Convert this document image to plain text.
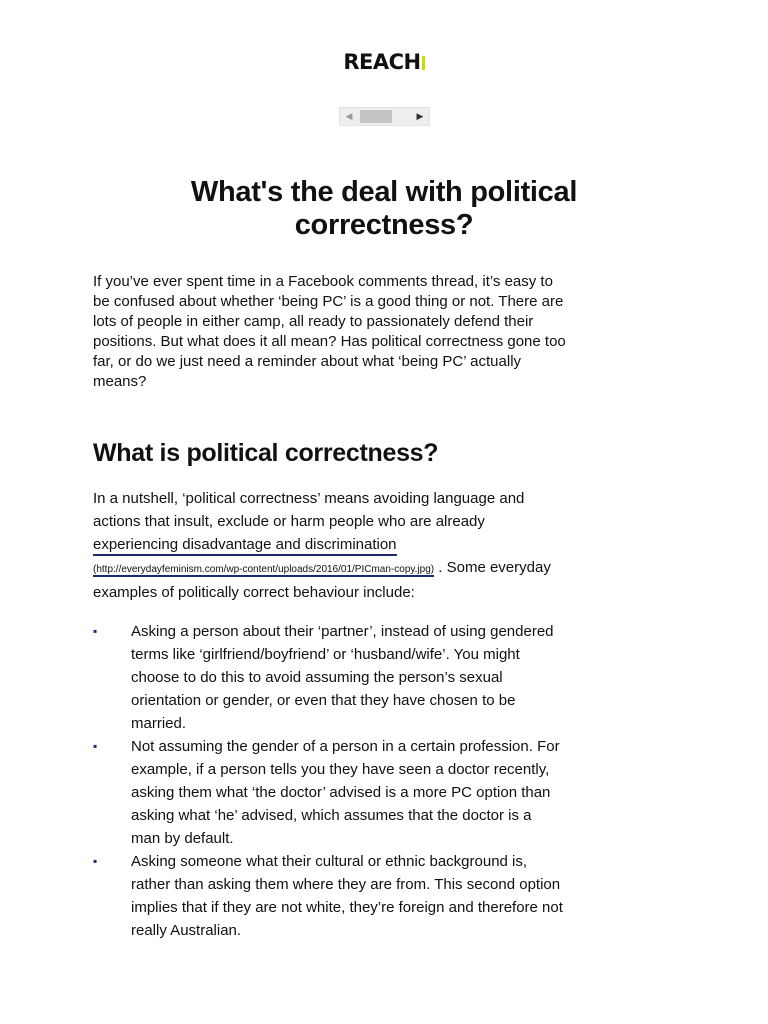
REACH
◀	▶
What's the deal with political correctness?

If you’ve ever spent time in a Facebook comments thread, it’s easy to be confused about whether ‘being PC’ is a good thing or not. There are lots of people in either camp, all ready to passionately defend their positions. But what does it all mean? Has political correctness gone too far, or do we just need a reminder about what ‘being PC’ actually means?

What is political correctness?

In a nutshell, ‘political correctness’ means avoiding language and actions that insult, exclude or harm people who are already experiencing disadvantage and discrimination
(http://everydayfeminism.com/wp-content/uploads/2016/01/PICman-copy.jpg) . Some everyday examples of politically correct behaviour include:

▪ Asking a person about their ‘partner’, instead of using gendered terms like ‘girlfriend/boyfriend’ or ‘husband/wife’. You might choose to do this to avoid assuming the person’s sexual orientation or gender, or even that they have chosen to be married.
▪ Not assuming the gender of a person in a certain profession. For example, if a person tells you they have seen a doctor recently, asking them what ‘the doctor’ advised is a more PC option than asking what ‘he’ advised, which assumes that the doctor is a man by default.
▪ Asking someone what their cultural or ethnic background is, rather than asking them where they are from. This second option implies that if they are not white, they’re foreign and therefore not really Australian.
